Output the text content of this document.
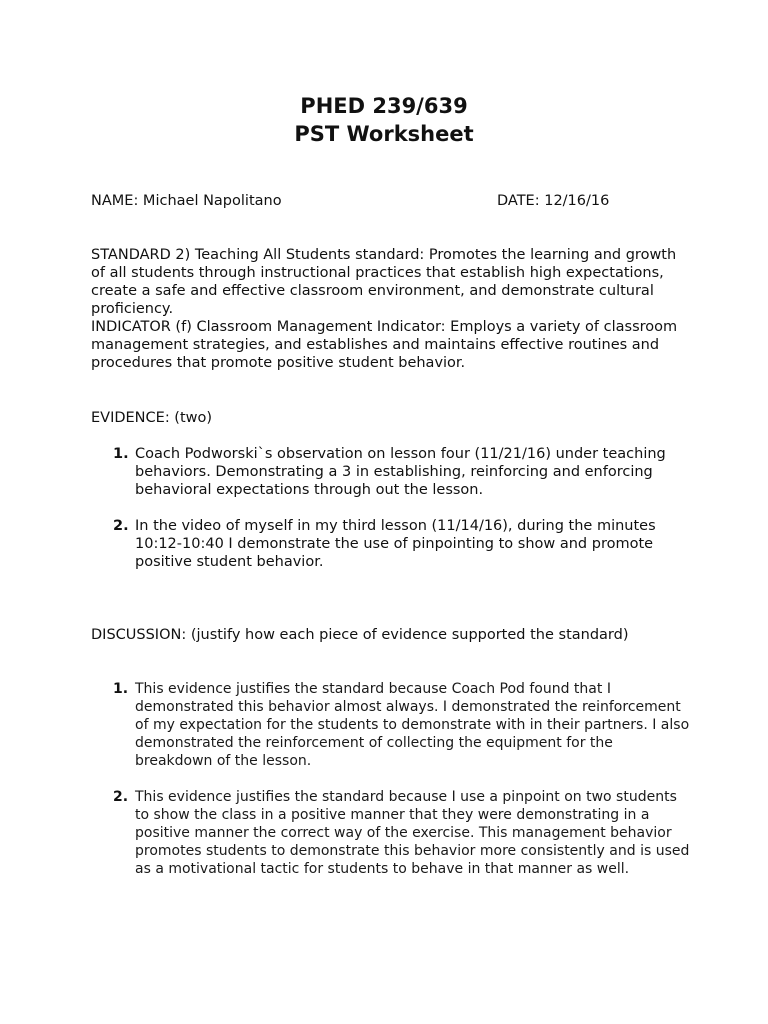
PHED 239/639
PST Worksheet
NAME: Michael Napolitano	DATE: 12/16/16

STANDARD 2) Teaching All Students standard: Promotes the learning and growth of all students through instructional practices that establish high expectations, create a safe and effective classroom environment, and demonstrate cultural proficiency.

INDICATOR (f) Classroom Management Indicator: Employs a variety of classroom management strategies, and establishes and maintains effective routines and procedures that promote positive student behavior.

EVIDENCE: (two)
1. Coach Podworski`s observation on lesson four (11/21/16) under teaching behaviors. Demonstrating a 3 in establishing, reinforcing and enforcing behavioral expectations through out the lesson.
2. In the video of myself in my third lesson (11/14/16), during the minutes 10:12-10:40 I demonstrate the use of pinpointing to show and promote positive student behavior.
DISCUSSION: (justify how each piece of evidence supported the standard)
1. This evidence justifies the standard because Coach Pod found that I demonstrated this behavior almost always. I demonstrated the reinforcement of my expectation for the students to demonstrate with in their partners. I also demonstrated the reinforcement of collecting the equipment for the breakdown of the lesson.
2. This evidence justifies the standard because I use a pinpoint on two students to show the class in a positive manner that they were demonstrating in a positive manner the correct way of the exercise. This management behavior promotes students to demonstrate this behavior more consistently and is used as a motivational tactic for students to behave in that manner as well.
